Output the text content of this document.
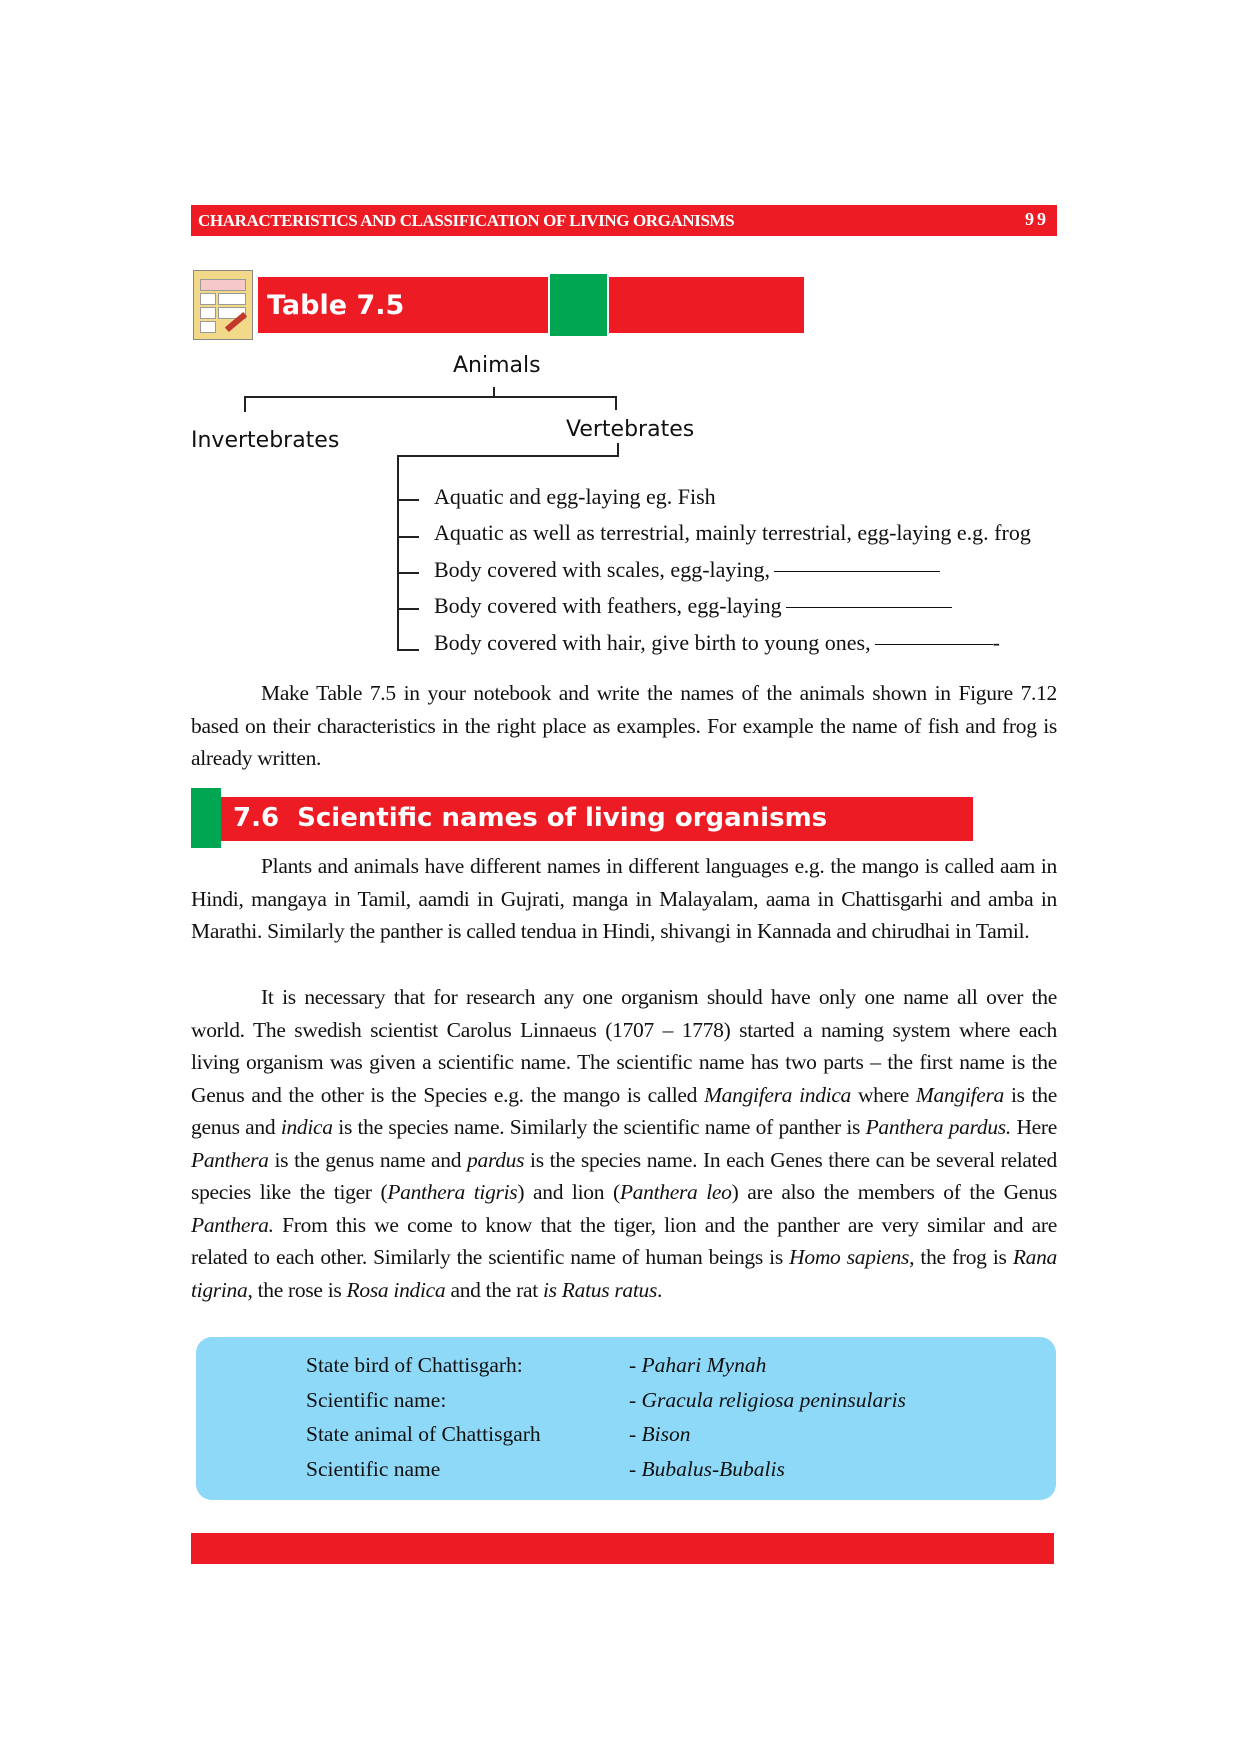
CHARACTERISTICS AND CLASSIFICATION OF LIVING ORGANISMS	99
Table 7.5
Animals
Invertebrates	Vertebrates
Aquatic and egg-laying eg. Fish
Aquatic as well as terrestrial, mainly terrestrial, egg-laying e.g. frog
Body covered with scales, egg-laying,
Body covered with feathers, egg-laying
Body covered with hair, give birth to young ones,	-
Make Table 7.5 in your notebook and write the names of the animals shown in Figure 7.12 based on their characteristics in the right place as examples. For example the name of fish and frog is already written.
7.6 Scientific names of living organisms
Plants and animals have different names in different languages e.g. the mango is called aam in Hindi, mangaya in Tamil, aamdi in Gujrati, manga in Malayalam, aama in Chattisgarhi and amba in Marathi. Similarly the panther is called tendua in Hindi, shivangi in Kannada and chirudhai in Tamil.
It is necessary that for research any one organism should have only one name all over the world. The swedish scientist Carolus Linnaeus (1707 – 1778) started a naming system where each living organism was given a scientific name. The scientific name has two parts – the first name is the Genus and the other is the Species e.g. the mango is called Mangifera indica where Mangifera is the genus and indica is the species name. Similarly the scientific name of panther is Panthera pardus. Here Panthera is the genus name and pardus is the species name. In each Genes there can be several related species like the tiger (Panthera tigris) and lion (Panthera leo) are also the members of the Genus Panthera. From this we come to know that the tiger, lion and the panther are very similar and are related to each other. Similarly the scientific name of human beings is Homo sapiens, the frog is Rana tigrina, the rose is Rosa indica and the rat is Ratus ratus.
State bird of Chattisgarh:	- Pahari Mynah
Scientific name:	- Gracula religiosa peninsularis
State animal of Chattisgarh	- Bison
Scientific name	- Bubalus-Bubalis
